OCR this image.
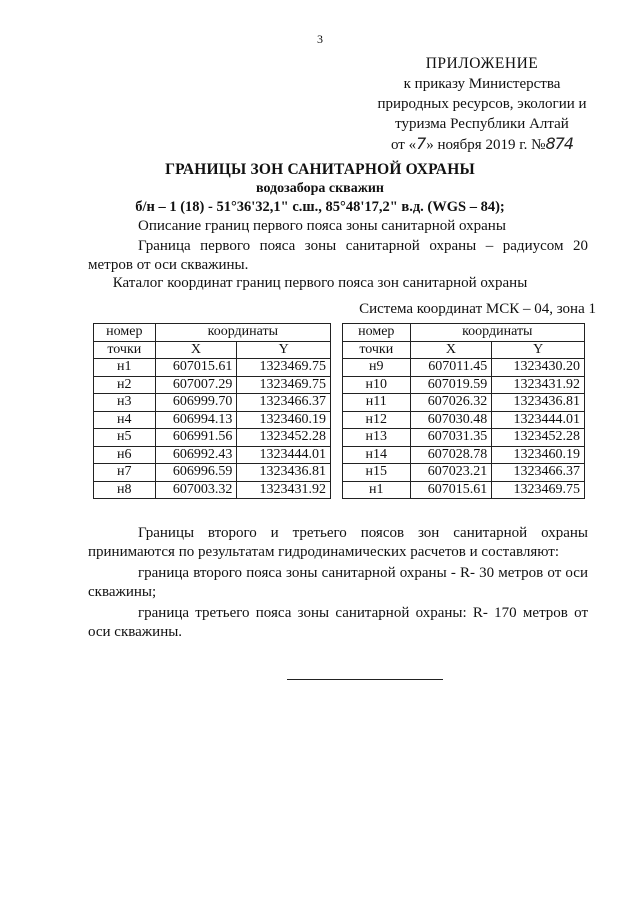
3
ПРИЛОЖЕНИЕ
к приказу Министерства
природных ресурсов, экологии и
туризма Республики Алтай
от «7» ноября 2019 г. №874
ГРАНИЦЫ ЗОН САНИТАРНОЙ ОХРАНЫ
водозабора скважин
б/н – 1 (18) - 51°36'32,1" с.ш., 85°48'17,2" в.д. (WGS – 84);
Описание границ первого пояса зоны санитарной охраны
Граница первого пояса зоны санитарной охраны – радиусом 20 метров от оси скважины.
Каталог координат границ первого пояса зон санитарной охраны
Система координат МСК – 04, зона 1
номер	координаты	
точки	X	Y
н1	607015.61	1323469.75
н2	607007.29	1323469.75
н3	606999.70	1323466.37
н4	606994.13	1323460.19
н5	606991.56	1323452.28
н6	606992.43	1323444.01
н7	606996.59	1323436.81
н8	607003.32	1323431.92
номер	координаты	
точки	X	Y
н9	607011.45	1323430.20
н10	607019.59	1323431.92
н11	607026.32	1323436.81
н12	607030.48	1323444.01
н13	607031.35	1323452.28
н14	607028.78	1323460.19
н15	607023.21	1323466.37
н1	607015.61	1323469.75
Границы второго и третьего поясов зон санитарной охраны принимаются по результатам гидродинамических расчетов и составляют:
граница второго пояса зоны санитарной охраны - R- 30 метров от оси скважины;
граница третьего пояса зоны санитарной охраны: R- 170 метров от оси скважины.
